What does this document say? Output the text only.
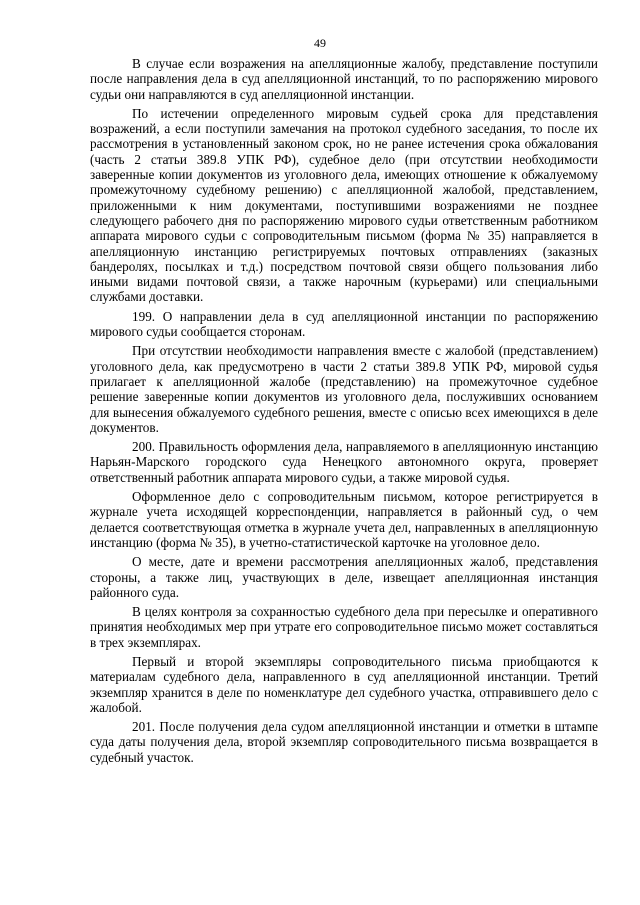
49

В случае если возражения на апелляционные жалобу, представление поступили после направления дела в суд апелляционной инстанций, то по распоряжению мирового судьи они направляются в суд апелляционной инстанции.

По истечении определенного мировым судьей срока для представления возражений, а если поступили замечания на протокол судебного заседания, то после их рассмотрения в установленный законом срок, но не ранее истечения срока обжалования (часть 2 статьи 389.8 УПК РФ), судебное дело (при отсутствии необходимости заверенные копии документов из уголовного дела, имеющих отношение к обжалуемому промежуточному судебному решению) с апелляционной жалобой, представлением, приложенными к ним документами, поступившими возражениями не позднее следующего рабочего дня по распоряжению мирового судьи ответственным работником аппарата мирового судьи с сопроводительным письмом (форма № 35) направляется в апелляционную инстанцию регистрируемых почтовых отправлениях (заказных бандеролях, посылках и т.д.) посредством почтовой связи общего пользования либо иными видами почтовой связи, а также нарочным (курьерами) или специальными службами доставки.

199. О направлении дела в суд апелляционной инстанции по распоряжению мирового судьи сообщается сторонам.

При отсутствии необходимости направления вместе с жалобой (представлением) уголовного дела, как предусмотрено в части 2 статьи 389.8 УПК РФ, мировой судья прилагает к апелляционной жалобе (представлению) на промежуточное судебное решение заверенные копии документов из уголовного дела, послуживших основанием для вынесения обжалуемого судебного решения, вместе с описью всех имеющихся в деле документов.

200. Правильность оформления дела, направляемого в апелляционную инстанцию Нарьян-Марского городского суда Ненецкого автономного округа, проверяет ответственный работник аппарата мирового судьи, а также мировой судья.

Оформленное дело с сопроводительным письмом, которое регистрируется в журнале учета исходящей корреспонденции, направляется в районный суд, о чем делается соответствующая отметка в журнале учета дел, направленных в апелляционную инстанцию (форма № 35), в учетно-статистической карточке на уголовное дело.

О месте, дате и времени рассмотрения апелляционных жалоб, представления стороны, а также лиц, участвующих в деле, извещает апелляционная инстанция районного суда.

В целях контроля за сохранностью судебного дела при пересылке и оперативного принятия необходимых мер при утрате его сопроводительное письмо может составляться в трех экземплярах.

Первый и второй экземпляры сопроводительного письма приобщаются к материалам судебного дела, направленного в суд апелляционной инстанции. Третий экземпляр хранится в деле по номенклатуре дел судебного участка, отправившего дело с жалобой.

201. После получения дела судом апелляционной инстанции и отметки в штампе суда даты получения дела, второй экземпляр сопроводительного письма возвращается в судебный участок.
